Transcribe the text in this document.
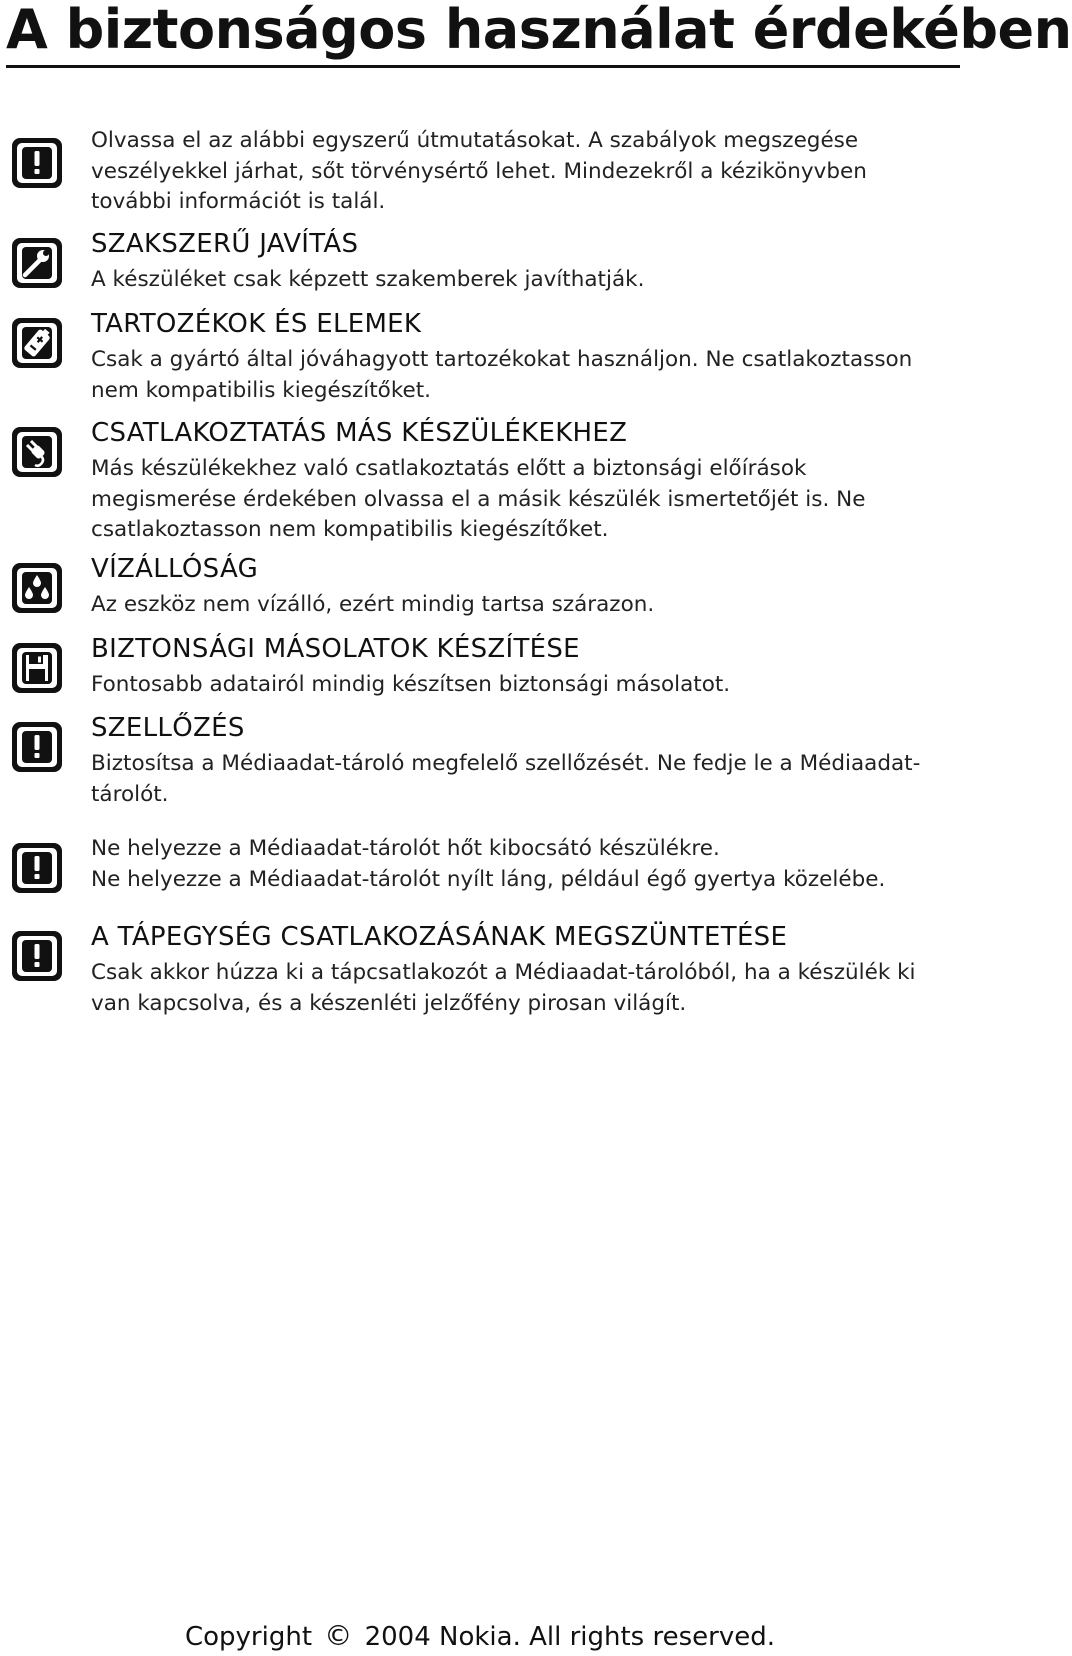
A biztonságos használat érdekében

Olvassa el az alábbi egyszerű útmutatásokat. A szabályok megszegése veszélyekkel járhat, sőt törvénysértő lehet. Mindezekről a kézikönyvben további információt is talál.

SZAKSZERŰ JAVÍTÁS

A készüléket csak képzett szakemberek javíthatják.

TARTOZÉKOK ÉS ELEMEK

Csak a gyártó által jóváhagyott tartozékokat használjon. Ne csatlakoztasson nem kompatibilis kiegészítőket.

CSATLAKOZTATÁS MÁS KÉSZÜLÉKEKHEZ

Más készülékekhez való csatlakoztatás előtt a biztonsági előírások megismerése érdekében olvassa el a másik készülék ismertetőjét is. Ne csatlakoztasson nem kompatibilis kiegészítőket.

VÍZÁLLÓSÁG

Az eszköz nem vízálló, ezért mindig tartsa szárazon.

BIZTONSÁGI MÁSOLATOK KÉSZÍTÉSE

Fontosabb adatairól mindig készítsen biztonsági másolatot.

SZELLŐZÉS

Biztosítsa a Médiaadat-tároló megfelelő szellőzését. Ne fedje le a Médiaadat-tárolót.

Ne helyezze a Médiaadat-tárolót hőt kibocsátó készülékre.

Ne helyezze a Médiaadat-tárolót nyílt láng, például égő gyertya közelébe.

A TÁPEGYSÉG CSATLAKOZÁSÁNAK MEGSZÜNTETÉSE

Csak akkor húzza ki a tápcsatlakozót a Médiaadat-tárolóból, ha a készülék ki van kapcsolva, és a készenléti jelzőfény pirosan világít.

Copyright © 2004 Nokia. All rights reserved.
